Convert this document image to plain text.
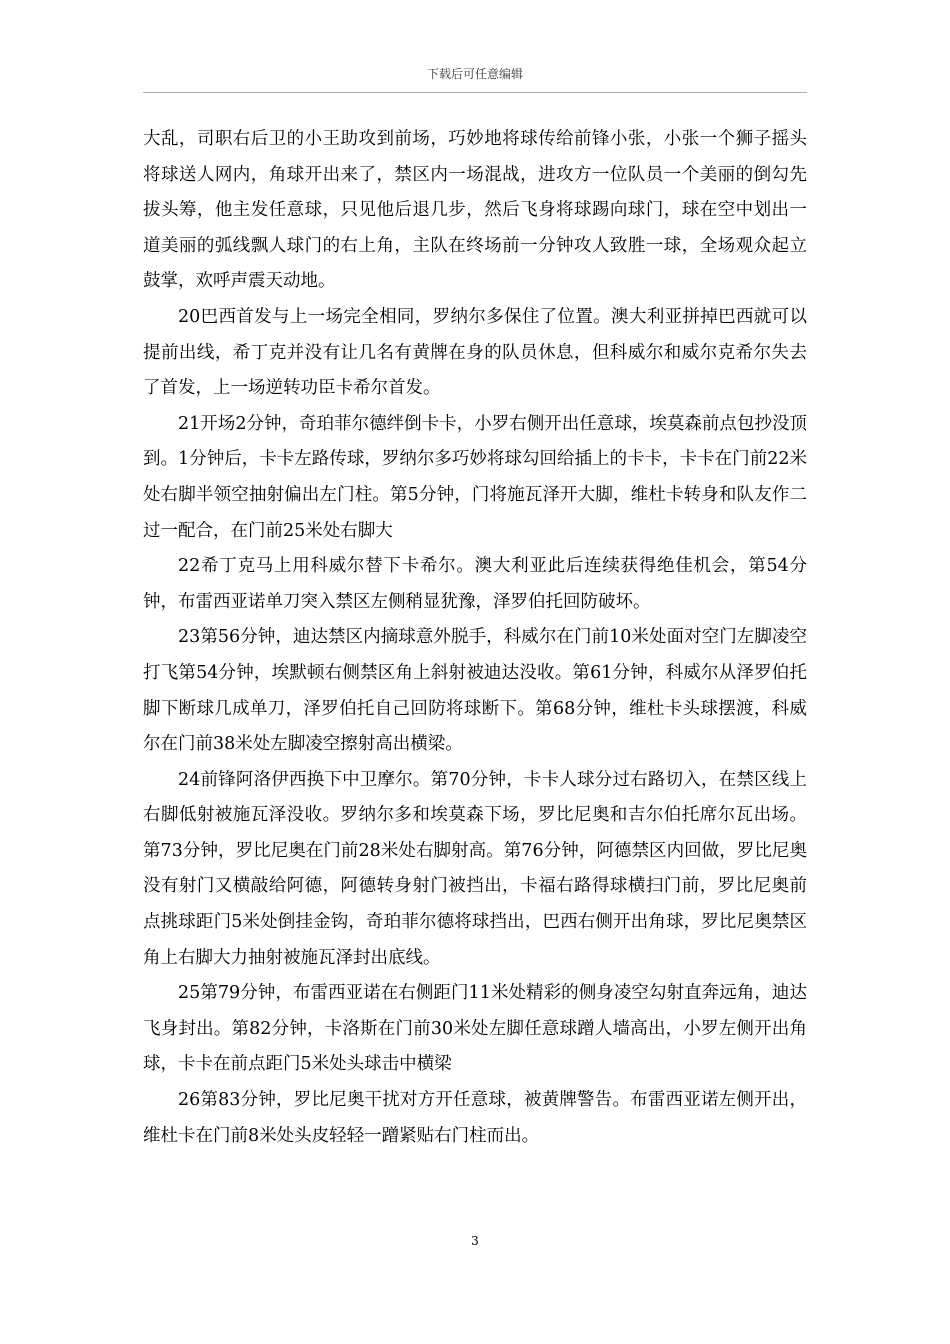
下载后可任意编辑

大乱，司职右后卫的小王助攻到前场，巧妙地将球传给前锋小张，小张一个狮子摇头将球送人网内，角球开出来了，禁区内一场混战，进攻方一位队员一个美丽的倒勾先拔头筹，他主发任意球，只见他后退几步，然后飞身将球踢向球门，球在空中划出一道美丽的弧线飘人球门的右上角，主队在终场前一分钟攻人致胜一球，全场观众起立鼓掌，欢呼声震天动地。

20巴西首发与上一场完全相同，罗纳尔多保住了位置。澳大利亚拼掉巴西就可以提前出线，希丁克并没有让几名有黄牌在身的队员休息，但科威尔和威尔克希尔失去了首发，上一场逆转功臣卡希尔首发。

21开场2分钟，奇珀菲尔德绊倒卡卡，小罗右侧开出任意球，埃莫森前点包抄没顶到。1分钟后，卡卡左路传球，罗纳尔多巧妙将球勾回给插上的卡卡，卡卡在门前22米处右脚半领空抽射偏出左门柱。第5分钟，门将施瓦泽开大脚，维杜卡转身和队友作二过一配合，在门前25米处右脚大

22希丁克马上用科威尔替下卡希尔。澳大利亚此后连续获得绝佳机会，第54分钟，布雷西亚诺单刀突入禁区左侧稍显犹豫，泽罗伯托回防破坏。

23第56分钟，迪达禁区内摘球意外脱手，科威尔在门前10米处面对空门左脚凌空打飞第54分钟，埃默顿右侧禁区角上斜射被迪达没收。第61分钟，科威尔从泽罗伯托脚下断球几成单刀，泽罗伯托自己回防将球断下。第68分钟，维杜卡头球摆渡，科威尔在门前38米处左脚凌空擦射高出横梁。

24前锋阿洛伊西换下中卫摩尔。第70分钟，卡卡人球分过右路切入，在禁区线上右脚低射被施瓦泽没收。罗纳尔多和埃莫森下场，罗比尼奥和吉尔伯托席尔瓦出场。第73分钟，罗比尼奥在门前28米处右脚射高。第76分钟，阿德禁区内回做，罗比尼奥没有射门又横敲给阿德，阿德转身射门被挡出，卡福右路得球横扫门前，罗比尼奥前点挑球距门5米处倒挂金钩，奇珀菲尔德将球挡出，巴西右侧开出角球，罗比尼奥禁区角上右脚大力抽射被施瓦泽封出底线。

25第79分钟，布雷西亚诺在右侧距门11米处精彩的侧身凌空勾射直奔远角，迪达飞身封出。第82分钟，卡洛斯在门前30米处左脚任意球蹭人墙高出，小罗左侧开出角球，卡卡在前点距门5米处头球击中横梁

26第83分钟，罗比尼奥干扰对方开任意球，被黄牌警告。布雷西亚诺左侧开出，维杜卡在门前8米处头皮轻轻一蹭紧贴右门柱而出。

3
